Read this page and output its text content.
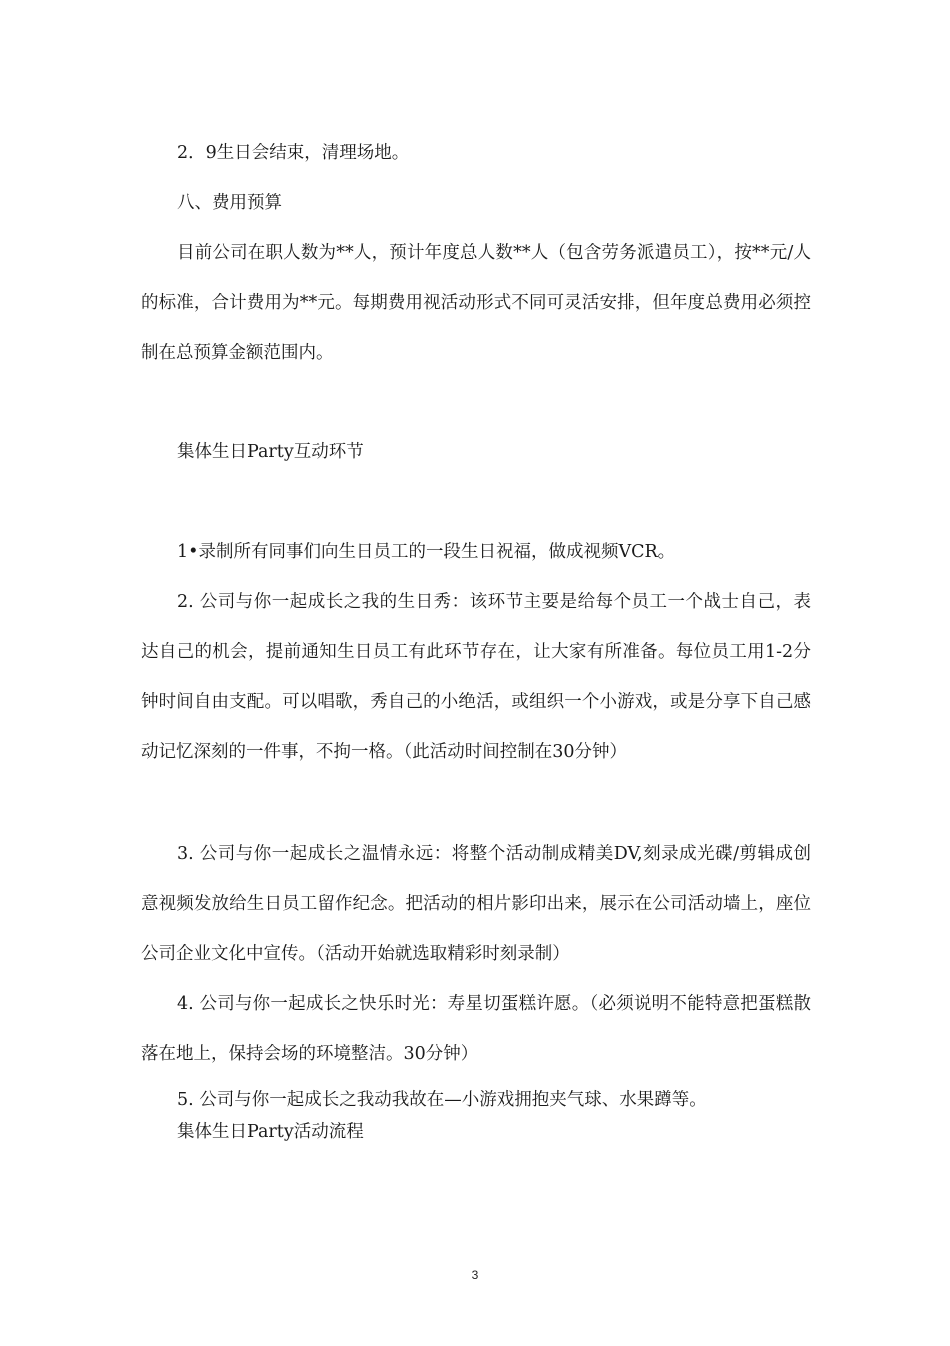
2．9生日会结束，清理场地。

八、费用预算

目前公司在职人数为**人，预计年度总人数**人（包含劳务派遣员工），按**元/人的标准，合计费用为**元。每期费用视活动形式不同可灵活安排，但年度总费用必须控制在总预算金额范围内。

集体生日Party互动环节

1•录制所有同事们向生日员工的一段生日祝福，做成视频VCR。

2. 公司与你一起成长之我的生日秀：该环节主要是给每个员工一个战士自己，表达自己的机会，提前通知生日员工有此环节存在，让大家有所准备。每位员工用1-2分钟时间自由支配。可以唱歌，秀自己的小绝活，或组织一个小游戏，或是分享下自己感动记忆深刻的一件事，不拘一格。（此活动时间控制在30分钟）

3. 公司与你一起成长之温情永远：将整个活动制成精美DV,刻录成光碟/剪辑成创意视频发放给生日员工留作纪念。把活动的相片影印出来，展示在公司活动墙上，座位公司企业文化中宣传。（活动开始就选取精彩时刻录制）

4. 公司与你一起成长之快乐时光：寿星切蛋糕许愿。（必须说明不能特意把蛋糕散落在地上，保持会场的环境整洁。30分钟）

5. 公司与你一起成长之我动我故在—小游戏拥抱夹气球、水果蹲等。

集体生日Party活动流程

3
